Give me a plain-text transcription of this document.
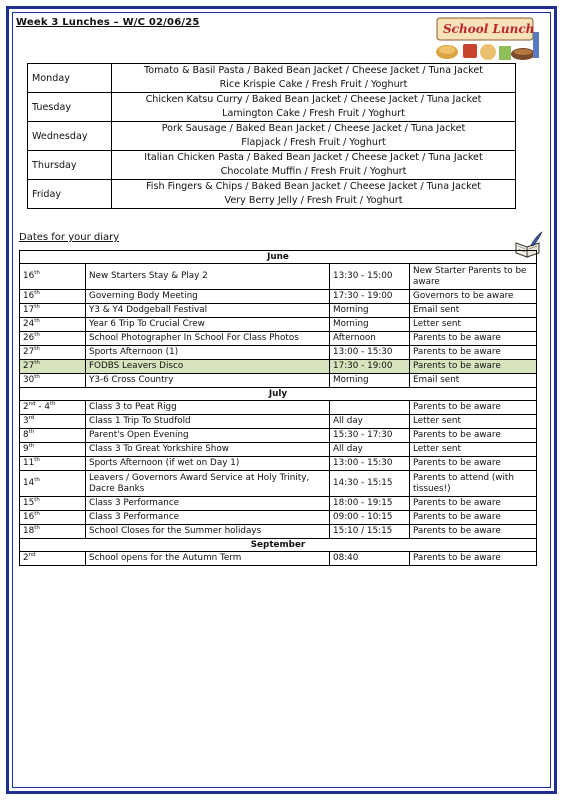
Week 3 Lunches – W/C 02/06/25	School Lunch
Monday	Tomato & Basil Pasta / Baked Bean Jacket / Cheese Jacket / Tuna Jacket
Rice Krispie Cake / Fresh Fruit / Yoghurt

Tuesday	Chicken Katsu Curry / Baked Bean Jacket / Cheese Jacket / Tuna Jacket
Lamington Cake / Fresh Fruit / Yoghurt

Wednesday	Pork Sausage / Baked Bean Jacket / Cheese Jacket / Tuna Jacket
Flapjack / Fresh Fruit / Yoghurt

Thursday	Italian Chicken Pasta / Baked Bean Jacket / Cheese Jacket / Tuna Jacket
Chocolate Muffin / Fresh Fruit / Yoghurt

Friday	Fish Fingers & Chips / Baked Bean Jacket / Cheese Jacket / Tuna Jacket
Very Berry Jelly / Fresh Fruit / Yoghurt
Dates for your diary
June			
16th	New Starters Stay & Play 2	13:30 - 15:00	New Starter Parents to be aware
16th	Governing Body Meeting	17:30 - 19:00	Governors to be aware
17th	Y3 & Y4 Dodgeball Festival	Morning	Email sent
24th	Year 6 Trip To Crucial Crew	Morning	Letter sent
26th	School Photographer In School For Class Photos	Afternoon	Parents to be aware
27th	Sports Afternoon (1)	13:00 - 15:30	Parents to be aware
27th	FODBS Leavers Disco	17:30 - 19:00	Parents to be aware
30th	Y3-6 Cross Country	Morning	Email sent
July			
2nd - 4th	Class 3 to Peat Rigg		Parents to be aware
3rd	Class 1 Trip To Studfold	All day	Letter sent
8th	Parent's Open Evening	15:30 - 17:30	Parents to be aware
9th	Class 3 To Great Yorkshire Show	All day	Letter sent
11th	Sports Afternoon (if wet on Day 1)	13:00 - 15:30	Parents to be aware
14th	Leavers / Governors Award Service at Holy Trinity, Dacre Banks	14:30 - 15:15	Parents to attend (with tissues!)
15th	Class 3 Performance	18:00 - 19:15	Parents to be aware
16th	Class 3 Performance	09:00 - 10:15	Parents to be aware
18th	School Closes for the Summer holidays	15:10 / 15:15	Parents to be aware
September			
2nd	School opens for the Autumn Term	08:40	Parents to be aware
